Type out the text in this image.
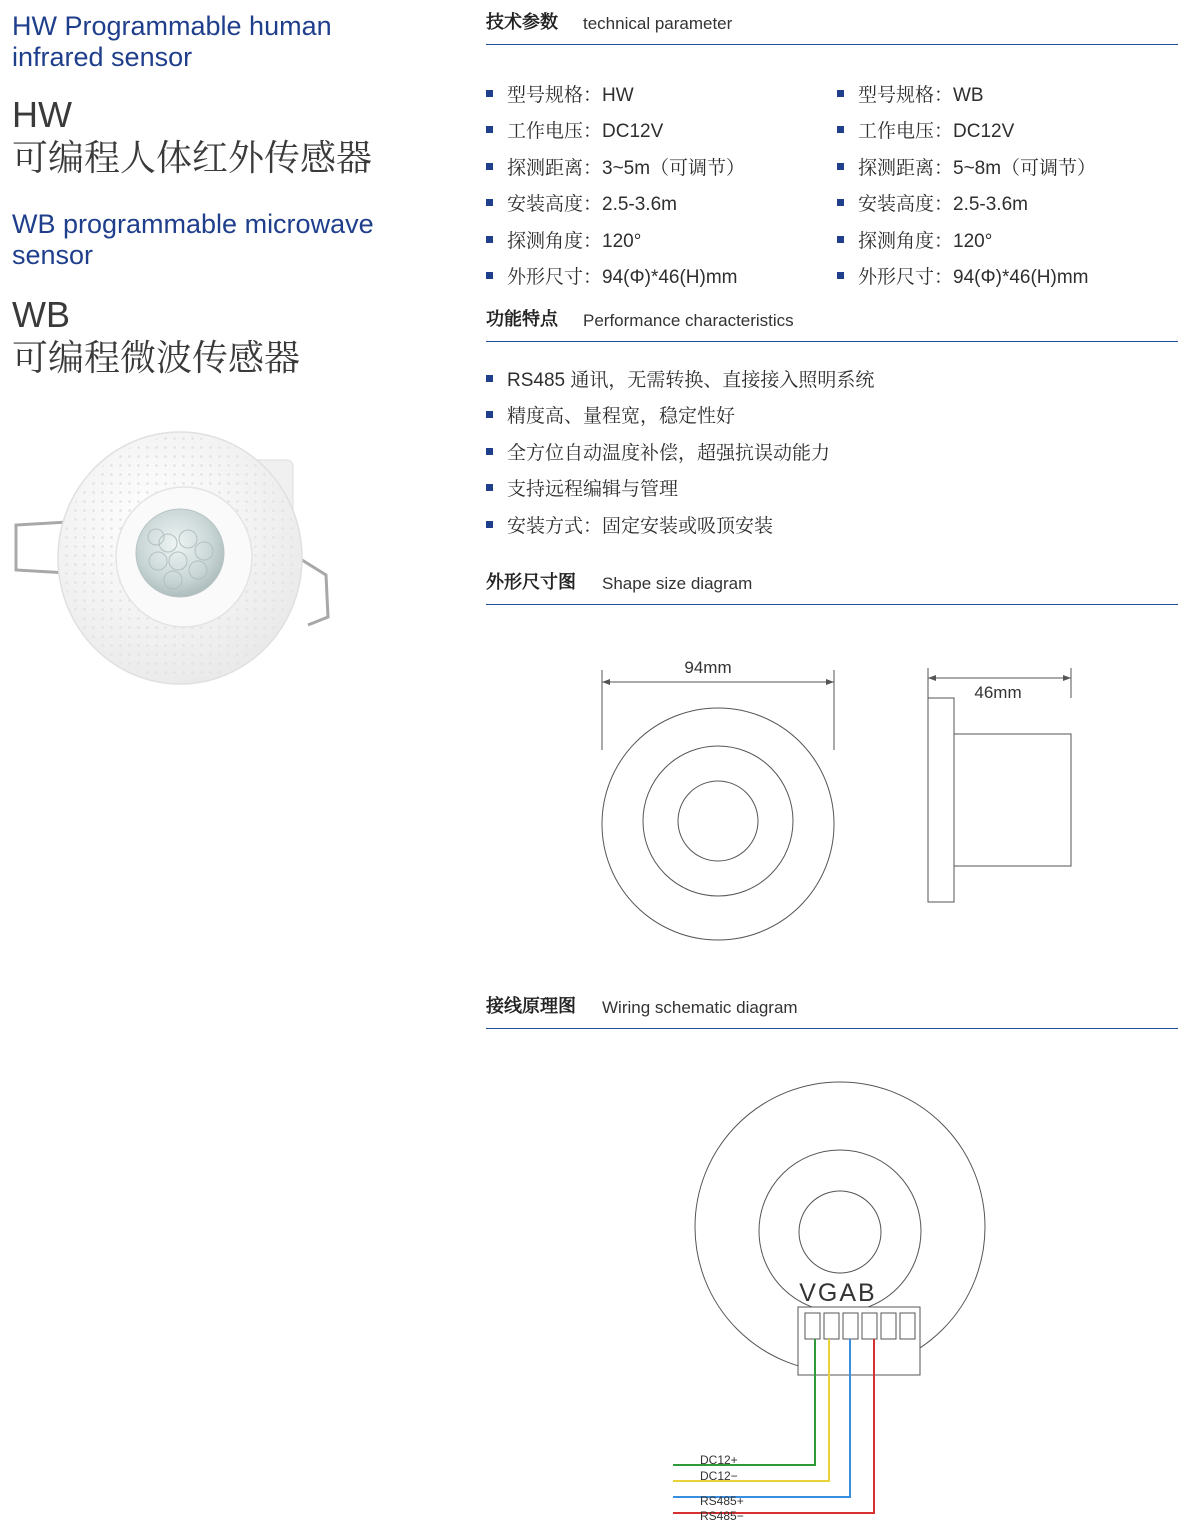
HW Programmable human
infrared sensor
HW
可编程人体红外传感器
WB programmable microwave
sensor
WB
可编程微波传感器
技术参数 technical parameter
型号规格：HW
工作电压：DC12V
探测距离：3~5m（可调节）
安装高度：2.5-3.6m
探测角度：120°
外形尺寸：94(Φ)*46(H)mm
型号规格：WB
工作电压：DC12V
探测距离：5~8m（可调节）
安装高度：2.5-3.6m
探测角度：120°
外形尺寸：94(Φ)*46(H)mm
功能特点 Performance characteristics
RS485 通讯，无需转换、直接接入照明系统
精度高、量程宽，稳定性好
全方位自动温度补偿，超强抗误动能力
支持远程编辑与管理
安装方式：固定安装或吸顶安装
外形尺寸图 Shape size diagram
94mm
46mm
接线原理图 Wiring schematic diagram
VGAB
DC12+
DC12−
RS485+
RS485−
